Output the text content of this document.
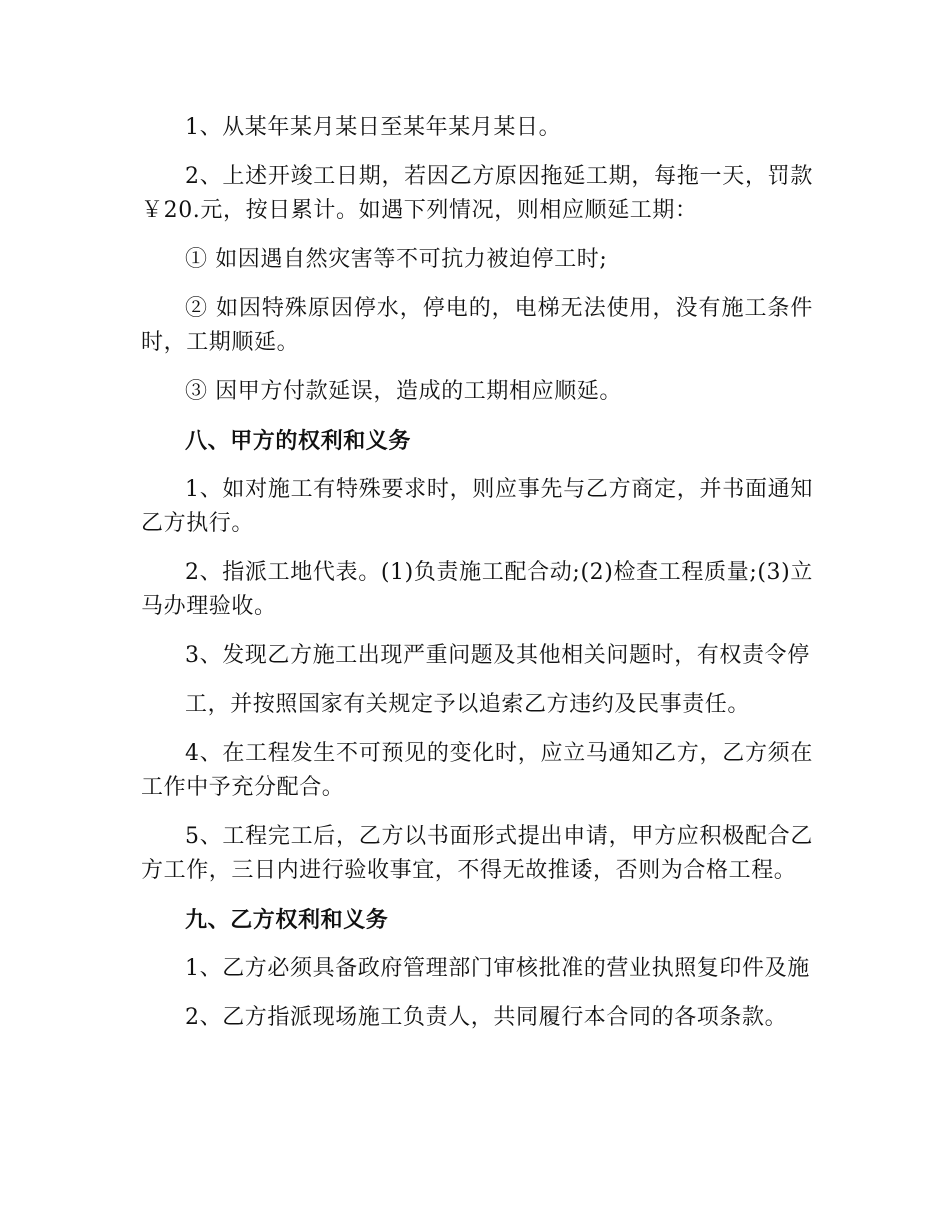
1、从某年某月某日至某年某月某日。

2、上述开竣工日期，若因乙方原因拖延工期，每拖一天，罚款￥20.元，按日累计。如遇下列情况，则相应顺延工期：

① 如因遇自然灾害等不可抗力被迫停工时;

② 如因特殊原因停水，停电的，电梯无法使用，没有施工条件时，工期顺延。

③ 因甲方付款延误，造成的工期相应顺延。

八、甲方的权利和义务

1、如对施工有特殊要求时，则应事先与乙方商定，并书面通知乙方执行。

2、指派工地代表。(1)负责施工配合动;(2)检查工程质量;(3)立马办理验收。

3、发现乙方施工出现严重问题及其他相关问题时，有权责令停

工，并按照国家有关规定予以追索乙方违约及民事责任。

4、在工程发生不可预见的变化时，应立马通知乙方，乙方须在工作中予充分配合。

5、工程完工后，乙方以书面形式提出申请，甲方应积极配合乙方工作，三日内进行验收事宜，不得无故推诿，否则为合格工程。

九、乙方权利和义务

1、乙方必须具备政府管理部门审核批准的营业执照复印件及施

2、乙方指派现场施工负责人，共同履行本合同的各项条款。
